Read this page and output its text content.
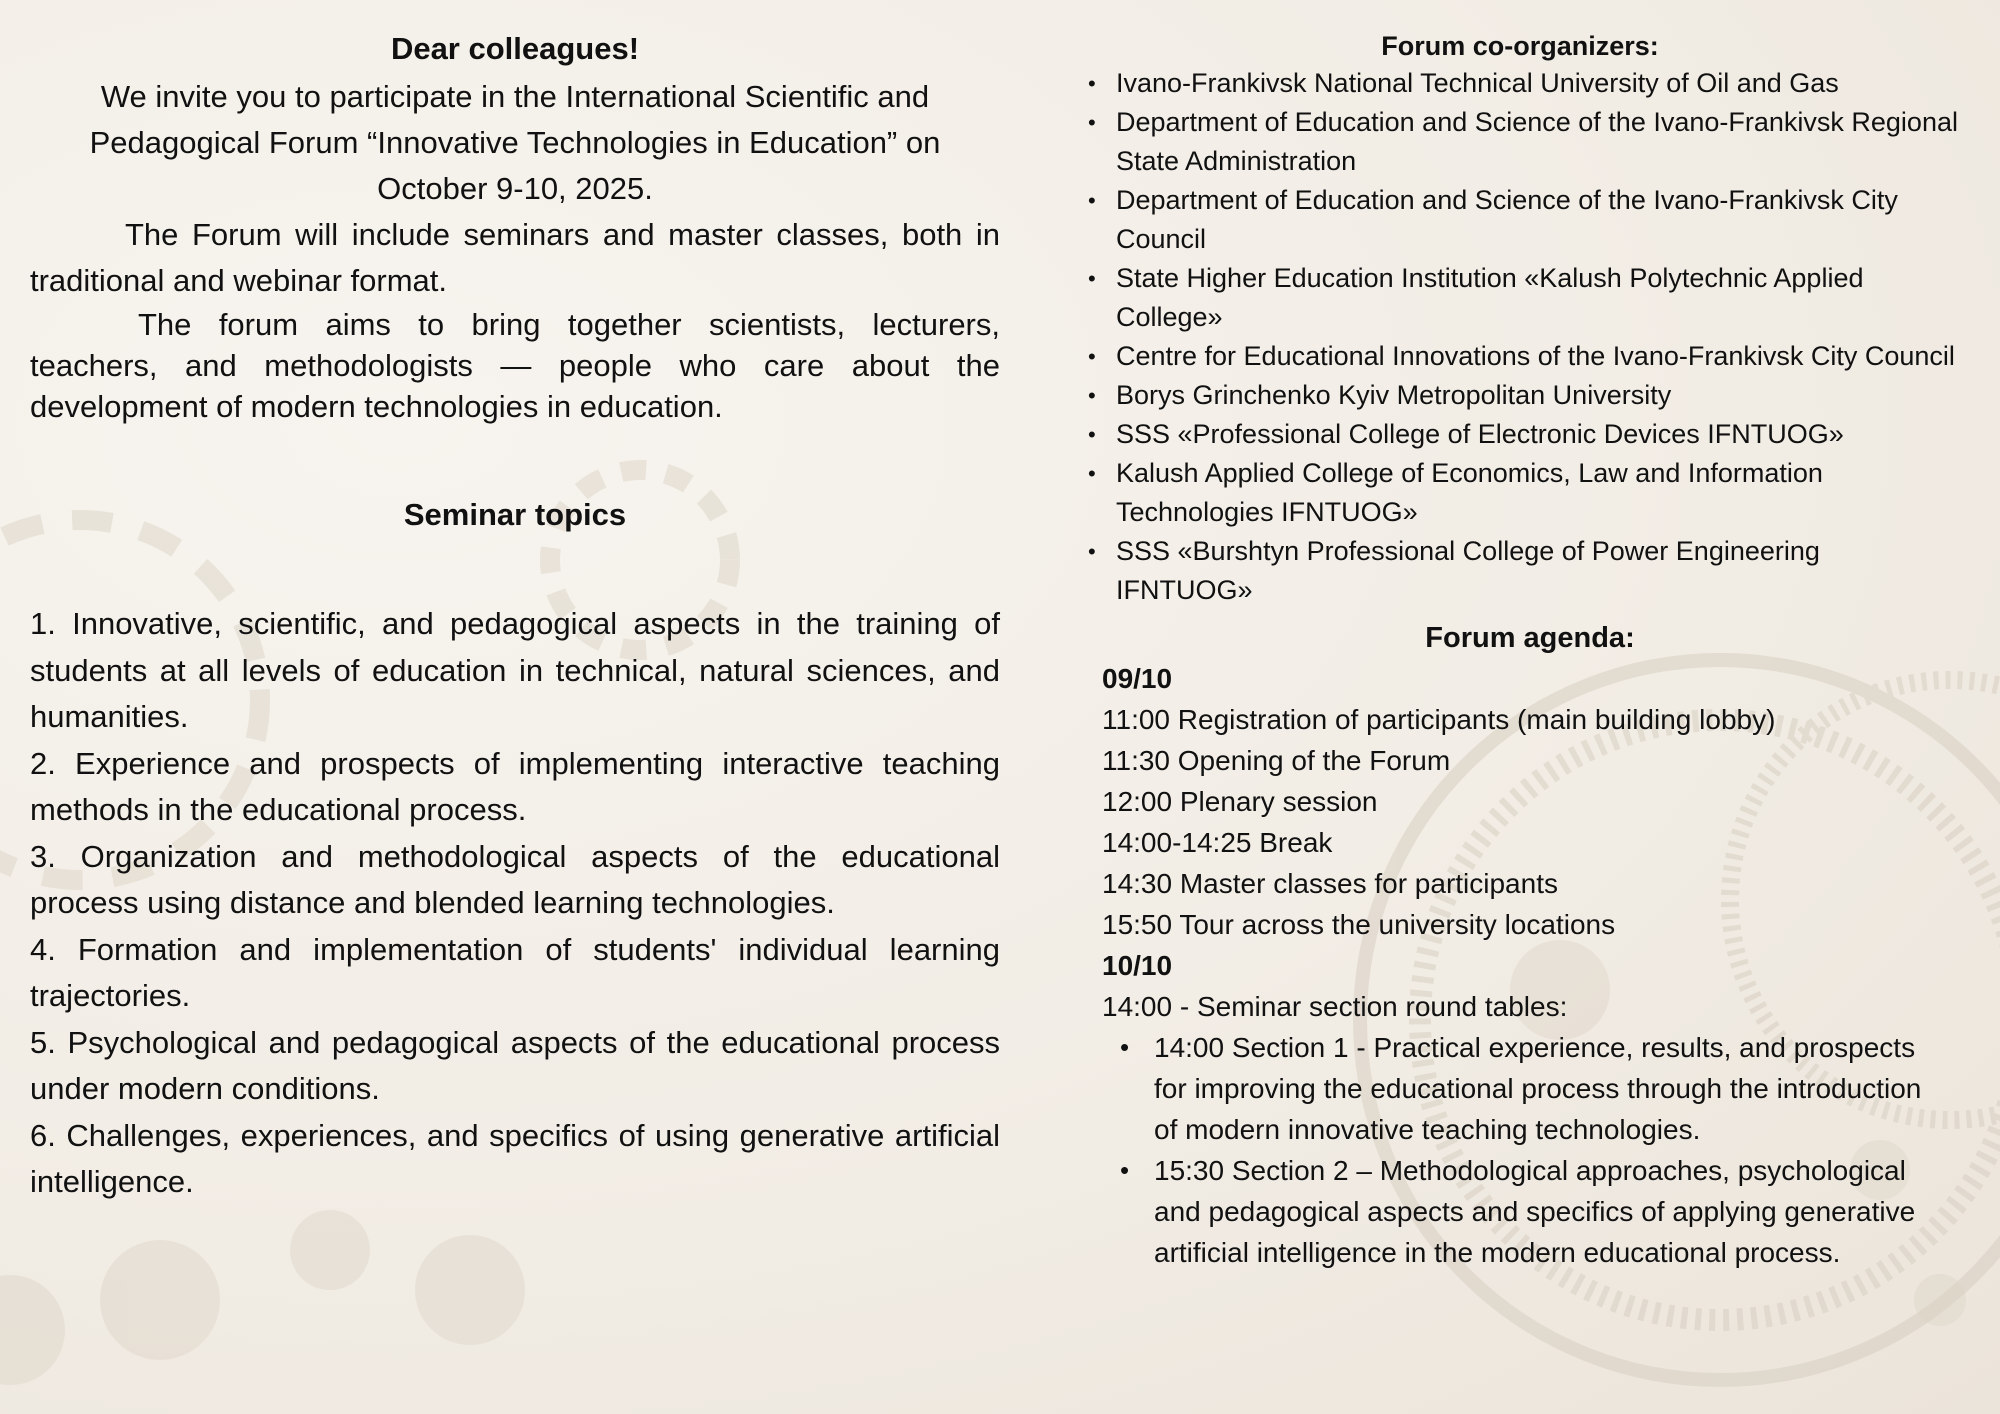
Dear colleagues!

We invite you to participate in the International Scientific and

Pedagogical Forum “Innovative Technologies in Education” on

October 9-10, 2025.

The Forum will include seminars and master classes, both in traditional and webinar format.

The forum aims to bring together scientists, lecturers, teachers, and methodologists — people who care about the development of modern technologies in education.

Seminar topics

1. Innovative, scientific, and pedagogical aspects in the training of students at all levels of education in technical, natural sciences, and humanities.

2. Experience and prospects of implementing interactive teaching methods in the educational process.

3. Organization and methodological aspects of the educational process using distance and blended learning technologies.

4. Formation and implementation of students' individual learning trajectories.

5. Psychological and pedagogical aspects of the educational process under modern conditions.

6. Challenges, experiences, and specifics of using generative artificial intelligence.

Forum co-organizers:
• Ivano-Frankivsk National Technical University of Oil and Gas
• Department of Education and Science of the Ivano-Frankivsk Regional State Administration
• Department of Education and Science of the Ivano-Frankivsk City Council
• State Higher Education Institution «Kalush Polytechnic Applied College»
• Centre for Educational Innovations of the Ivano-Frankivsk City Council
• Borys Grinchenko Kyiv Metropolitan University
• SSS «Professional College of Electronic Devices IFNTUOG»
• Kalush Applied College of Economics, Law and Information Technologies IFNTUOG»
• SSS «Burshtyn Professional College of Power Engineering IFNTUOG»
Forum agenda:

09/10

11:00 Registration of participants (main building lobby)

11:30 Opening of the Forum

12:00 Plenary session

14:00-14:25 Break

14:30 Master classes for participants

15:50 Tour across the university locations

10/10

14:00 - Seminar section round tables:

• 14:00 Section 1 - Practical experience, results, and prospects for improving the educational process through the introduction of modern innovative teaching technologies.
• 15:30 Section 2 – Methodological approaches, psychological and pedagogical aspects and specifics of applying generative artificial intelligence in the modern educational process.
